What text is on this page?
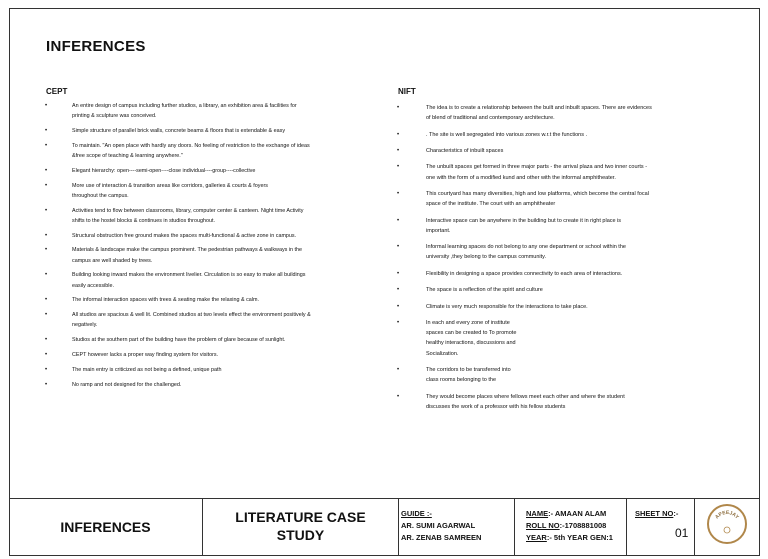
INFERENCES
CEPT	NIFT
• An entire design of campus including further studios, a library, an exhibition area & facilities for
printing & sculpture was conceived.
• Simple structure of parallel brick walls, concrete beams & floors that is extendable & easy
• To maintain. "An open place with hardly any doors. No feeling of restriction to the exchange of ideas
&free scope of teaching & learning anywhere."
• Elegant hierarchy: open----semi-open----close individual----group----collective
• More use of interaction & transition areas like corridors, galleries & courts & foyers
throughout the campus.
• Activities tend to flow between classrooms, library, computer center & canteen. Night time Activity
shifts to the hostel blocks & continues in studios throughout.
• Structural obstruction free ground makes the spaces multi-functional & active zone in campus.
• Materials & landscape make the campus prominent. The pedestrian pathways & walkways in the
campus are well shaded by trees.
• Building looking inward makes the environment livelier. Circulation is so easy to make all buildings
easily accessible.
• The informal interaction spaces with trees & seating make the relaxing & calm.
• All studios are spacious & well lit. Combined studios at two levels effect the environment positively &
negatively.
• Studios at the southern part of the building have the problem of glare because of sunlight.
• CEPT however lacks a proper way finding system for visitors.
• The main entry is criticized as not being a defined, unique path
• No ramp and not designed for the challenged.
• The idea is to create a relationship between the built and inbuilt spaces. There are evidences
of blend of traditional and contemporary architecture.
• . The site is well segregated into various zones w.r.t the functions .
• Characteristics of inbuilt spaces
• The unbuilt spaces get formed in three major parts - the arrival plaza and two inner courts -
one with the form of a modified kund and other with the informal amphitheater.
• This courtyard has many diversities, high and low platforms, which become the central focal
space of the institute. The court with an amphitheater
• Interactive space can be anywhere in the building but to create it in right place is
important.
• Informal learning spaces do not belong to any one department or school within the
university ,they belong to the campus community.
• Flexibility in designing a space provides connectivity to each area of interactions.
• The space is a reflection of the spirit and culture
• Climate is very much responsible for the interactions to take place.
• In each and every zone of institute
spaces can be created to To promote
healthy interactions, discussions and
Socialization.
• The corridors to be transferred into
class rooms belonging to the
• They would become places where fellows meet each other and where the student
discusses the work of a professor with his fellow students
INFERENCES
LITERATURE CASE
STUDY
GUIDE :-
AR. SUMI AGARWAL
AR. ZENAB SAMREEN
NAME:- AMAAN ALAM
ROLL NO:-1708881008
YEAR:- 5th YEAR GEN:1
SHEET NO:-
01
APEEJAY
